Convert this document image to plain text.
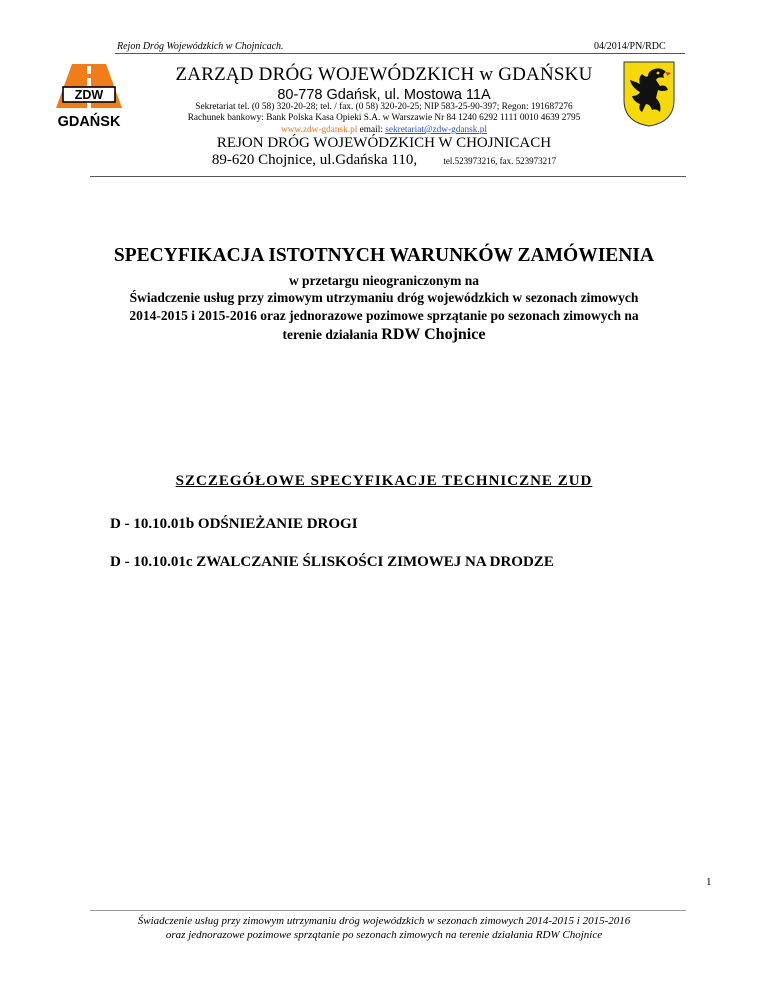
Rejon Dróg Wojewódzkich w Chojnicach.	04/2014/PN/RDC
ZDW
GDAŃSK
ZARZĄD DRÓG WOJEWÓDZKICH w GDAŃSKU
80-778 Gdańsk, ul. Mostowa 11A
Sekretariat tel. (0 58) 320-20-28; tel. / fax. (0 58) 320-20-25; NIP 583-25-90-397; Regon: 191687276
Rachunek bankowy: Bank Polska Kasa Opieki S.A. w Warszawie Nr 84 1240 6292 1111 0010 4639 2795
www.zdw-gdansk.pl email: sekretariat@zdw-gdansk.pl
REJON DRÓG WOJEWÓDZKICH W CHOJNICACH
89-620 Chojnice, ul.Gdańska 110,	tel.523973216, fax. 523973217
SPECYFIKACJA ISTOTNYCH WARUNKÓW ZAMÓWIENIA
w przetargu nieograniczonym na
Świadczenie usług przy zimowym utrzymaniu dróg wojewódzkich w sezonach zimowych
2014-2015 i 2015-2016 oraz jednorazowe pozimowe sprzątanie po sezonach zimowych na
terenie działania RDW Chojnice
SZCZEGÓŁOWE SPECYFIKACJE TECHNICZNE ZUD
D - 10.10.01b ODŚNIEŻANIE DROGI
D - 10.10.01c ZWALCZANIE ŚLISKOŚCI ZIMOWEJ NA DRODZE
1
Świadczenie usług przy zimowym utrzymaniu dróg wojewódzkich w sezonach zimowych 2014-2015 i 2015-2016
oraz jednorazowe pozimowe sprzątanie po sezonach zimowych na terenie działania RDW Chojnice
